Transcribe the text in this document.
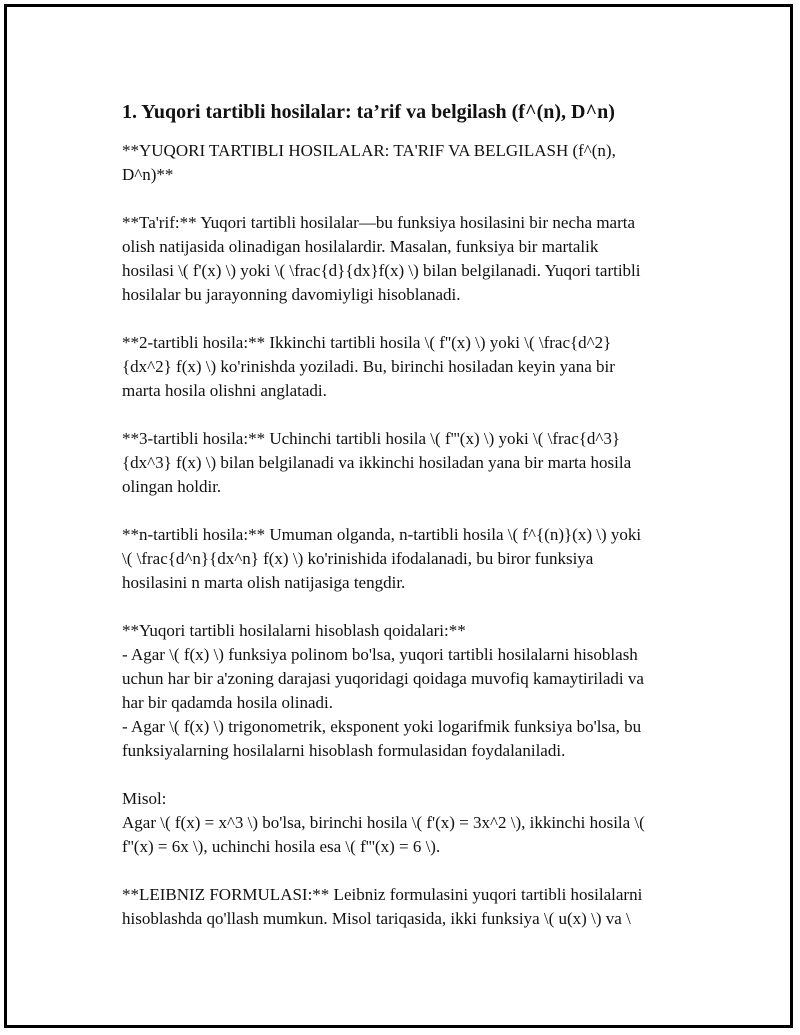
1. Yuqori tartibli hosilalar: ta’rif va belgilash (f^(n), D^n)

**YUQORI TARTIBLI HOSILALAR: TA'RIF VA BELGILASH (f^(n),
D^n)**

**Ta'rif:** Yuqori tartibli hosilalar—bu funksiya hosilasini bir necha marta
olish natijasida olinadigan hosilalardir. Masalan, funksiya bir martalik
hosilasi \( f'(x) \) yoki \( \frac{d}{dx}f(x) \) bilan belgilanadi. Yuqori tartibli
hosilalar bu jarayonning davomiyligi hisoblanadi.

**2-tartibli hosila:** Ikkinchi tartibli hosila \( f''(x) \) yoki \( \frac{d^2}
{dx^2} f(x) \) ko'rinishda yoziladi. Bu, birinchi hosiladan keyin yana bir
marta hosila olishni anglatadi.

**3-tartibli hosila:** Uchinchi tartibli hosila \( f'''(x) \) yoki \( \frac{d^3}
{dx^3} f(x) \) bilan belgilanadi va ikkinchi hosiladan yana bir marta hosila
olingan holdir.

**n-tartibli hosila:** Umuman olganda, n-tartibli hosila \( f^{(n)}(x) \) yoki
\( \frac{d^n}{dx^n} f(x) \) ko'rinishida ifodalanadi, bu biror funksiya
hosilasini n marta olish natijasiga tengdir.

**Yuqori tartibli hosilalarni hisoblash qoidalari:**
- Agar \( f(x) \) funksiya polinom bo'lsa, yuqori tartibli hosilalarni hisoblash
uchun har bir a'zoning darajasi yuqoridagi qoidaga muvofiq kamaytiriladi va
har bir qadamda hosila olinadi.
- Agar \( f(x) \) trigonometrik, eksponent yoki logarifmik funksiya bo'lsa, bu
funksiyalarning hosilalarni hisoblash formulasidan foydalaniladi.

Misol:
Agar \( f(x) = x^3 \) bo'lsa, birinchi hosila \( f'(x) = 3x^2 \), ikkinchi hosila \(
f''(x) = 6x \), uchinchi hosila esa \( f'''(x) = 6 \).

**LEIBNIZ FORMULASI:** Leibniz formulasini yuqori tartibli hosilalarni
hisoblashda qo'llash mumkun. Misol tariqasida, ikki funksiya \( u(x) \) va \
